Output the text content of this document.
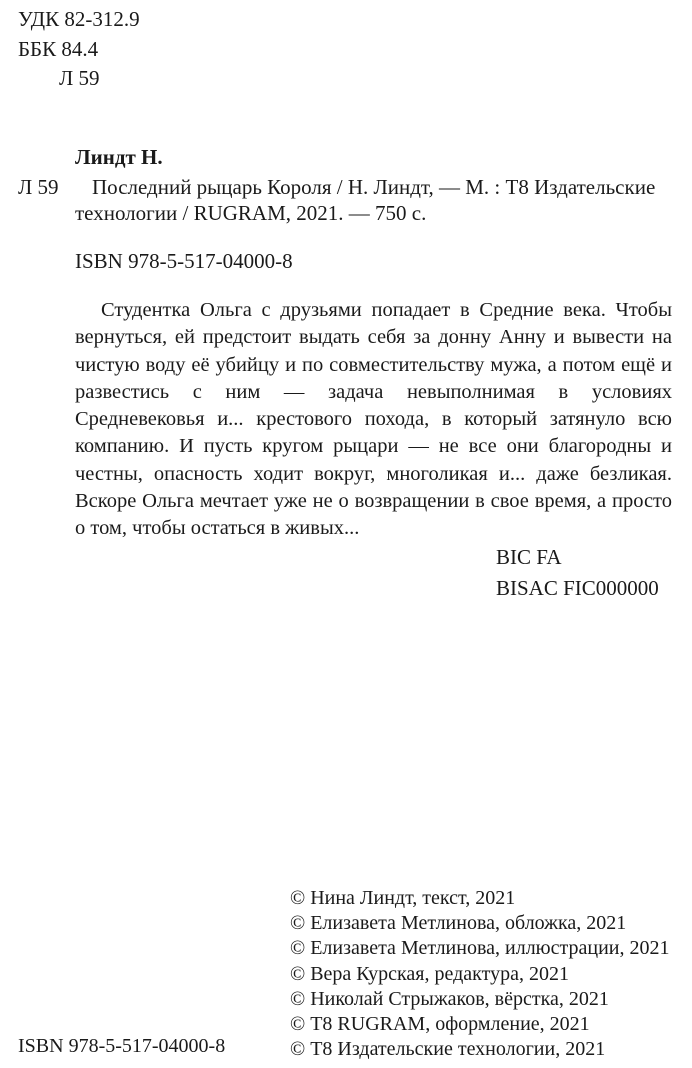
УДК 82-312.9
ББК 84.4
Л 59
Линдт Н.
Л 59 Последний рыцарь Короля / Н. Линдт, — М. : Т8 Издательские
технологии / RUGRAM, 2021. — 750 с.
ISBN 978-5-517-04000-8
Студентка Ольга с друзьями попадает в Средние века. Чтобы вернуться, ей предстоит выдать себя за донну Анну и вывести на чистую воду её убийцу и по совместительству мужа, а потом ещё и развестись с ним — задача невыполнимая в условиях Средневековья и... крестового похода, в который затянуло всю компанию. И пусть кругом рыцари — не все они благородны и честны, опасность ходит вокруг, многоликая и... даже безликая. Вскоре Ольга мечтает уже не о возвращении в свое время, а просто о том, чтобы остаться в живых...
BIC FA
BISAC FIC000000
© Нина Линдт, текст, 2021
© Елизавета Метлинова, обложка, 2021
© Елизавета Метлинова, иллюстрации, 2021
© Вера Курская, редактура, 2021
© Николай Стрыжаков, вёрстка, 2021
© Т8 RUGRAM, оформление, 2021
© Т8 Издательские технологии, 2021
ISBN 978-5-517-04000-8
